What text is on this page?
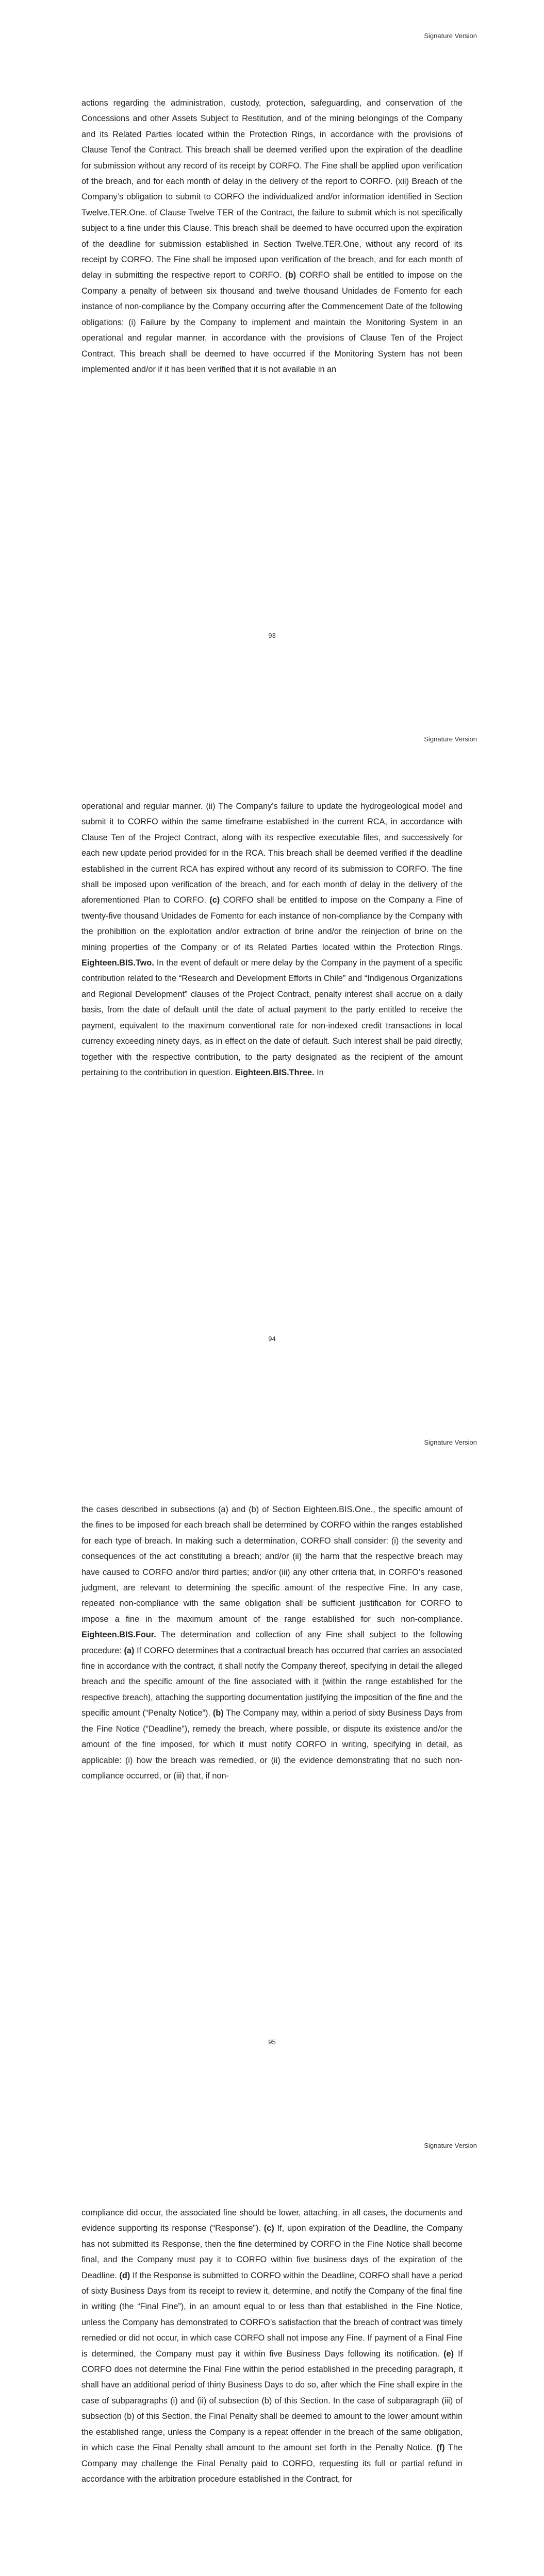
Signature Version

actions regarding the administration, custody, protection, safeguarding, and conservation of the Concessions and other Assets Subject to Restitution, and of the mining belongings of the Company and its Related Parties located within the Protection Rings, in accordance with the provisions of Clause Tenof the Contract. This breach shall be deemed verified upon the expiration of the deadline for submission without any record of its receipt by CORFO. The Fine shall be applied upon verification of the breach, and for each month of delay in the delivery of the report to CORFO. (xii) Breach of the Company’s obligation to submit to CORFO the individualized and/or information identified in Section Twelve.TER.One. of Clause Twelve TER of the Contract, the failure to submit which is not specifically subject to a fine under this Clause. This breach shall be deemed to have occurred upon the expiration of the deadline for submission established in Section Twelve.TER.One, without any record of its receipt by CORFO. The Fine shall be imposed upon verification of the breach, and for each month of delay in submitting the respective report to CORFO. (b) CORFO shall be entitled to impose on the Company a penalty of between six thousand and twelve thousand Unidades de Fomento for each instance of non-compliance by the Company occurring after the Commencement Date of the following obligations: (i) Failure by the Company to implement and maintain the Monitoring System in an operational and regular manner, in accordance with the provisions of Clause Ten of the Project Contract. This breach shall be deemed to have occurred if the Monitoring System has not been implemented and/or if it has been verified that it is not available in an

93
Signature Version

operational and regular manner. (ii) The Company’s failure to update the hydrogeological model and submit it to CORFO within the same timeframe established in the current RCA, in accordance with Clause Ten of the Project Contract, along with its respective executable files, and successively for each new update period provided for in the RCA. This breach shall be deemed verified if the deadline established in the current RCA has expired without any record of its submission to CORFO. The fine shall be imposed upon verification of the breach, and for each month of delay in the delivery of the aforementioned Plan to CORFO. (c) CORFO shall be entitled to impose on the Company a Fine of twenty-five thousand Unidades de Fomento for each instance of non-compliance by the Company with the prohibition on the exploitation and/or extraction of brine and/or the reinjection of brine on the mining properties of the Company or of its Related Parties located within the Protection Rings. Eighteen.BIS.Two. In the event of default or mere delay by the Company in the payment of a specific contribution related to the “Research and Development Efforts in Chile” and “Indigenous Organizations and Regional Development” clauses of the Project Contract, penalty interest shall accrue on a daily basis, from the date of default until the date of actual payment to the party entitled to receive the payment, equivalent to the maximum conventional rate for non-indexed credit transactions in local currency exceeding ninety days, as in effect on the date of default. Such interest shall be paid directly, together with the respective contribution, to the party designated as the recipient of the amount pertaining to the contribution in question. Eighteen.BIS.Three. In

94
Signature Version

the cases described in subsections (a) and (b) of Section Eighteen.BIS.One., the specific amount of the fines to be imposed for each breach shall be determined by CORFO within the ranges established for each type of breach. In making such a determination, CORFO shall consider: (i) the severity and consequences of the act constituting a breach; and/or (ii) the harm that the respective breach may have caused to CORFO and/or third parties; and/or (iii) any other criteria that, in CORFO’s reasoned judgment, are relevant to determining the specific amount of the respective Fine. In any case, repeated non-compliance with the same obligation shall be sufficient justification for CORFO to impose a fine in the maximum amount of the range established for such non-compliance. Eighteen.BIS.Four. The determination and collection of any Fine shall subject to the following procedure: (a) If CORFO determines that a contractual breach has occurred that carries an associated fine in accordance with the contract, it shall notify the Company thereof, specifying in detail the alleged breach and the specific amount of the fine associated with it (within the range established for the respective breach), attaching the supporting documentation justifying the imposition of the fine and the specific amount (“Penalty Notice”). (b) The Company may, within a period of sixty Business Days from the Fine Notice (“Deadline”), remedy the breach, where possible, or dispute its existence and/or the amount of the fine imposed, for which it must notify CORFO in writing, specifying in detail, as applicable: (i) how the breach was remedied, or (ii) the evidence demonstrating that no such non-compliance occurred, or (iii) that, if non-

95
Signature Version

compliance did occur, the associated fine should be lower, attaching, in all cases, the documents and evidence supporting its response (“Response”). (c) If, upon expiration of the Deadline, the Company has not submitted its Response, then the fine determined by CORFO in the Fine Notice shall become final, and the Company must pay it to CORFO within five business days of the expiration of the Deadline. (d) If the Response is submitted to CORFO within the Deadline, CORFO shall have a period of sixty Business Days from its receipt to review it, determine, and notify the Company of the final fine in writing (the “Final Fine”), in an amount equal to or less than that established in the Fine Notice, unless the Company has demonstrated to CORFO’s satisfaction that the breach of contract was timely remedied or did not occur, in which case CORFO shall not impose any Fine. If payment of a Final Fine is determined, the Company must pay it within five Business Days following its notification. (e) If CORFO does not determine the Final Fine within the period established in the preceding paragraph, it shall have an additional period of thirty Business Days to do so, after which the Fine shall expire in the case of subparagraphs (i) and (ii) of subsection (b) of this Section. In the case of subparagraph (iii) of subsection (b) of this Section, the Final Penalty shall be deemed to amount to the lower amount within the established range, unless the Company is a repeat offender in the breach of the same obligation, in which case the Final Penalty shall amount to the amount set forth in the Penalty Notice. (f) The Company may challenge the Final Penalty paid to CORFO, requesting its full or partial refund in accordance with the arbitration procedure established in the Contract, for
